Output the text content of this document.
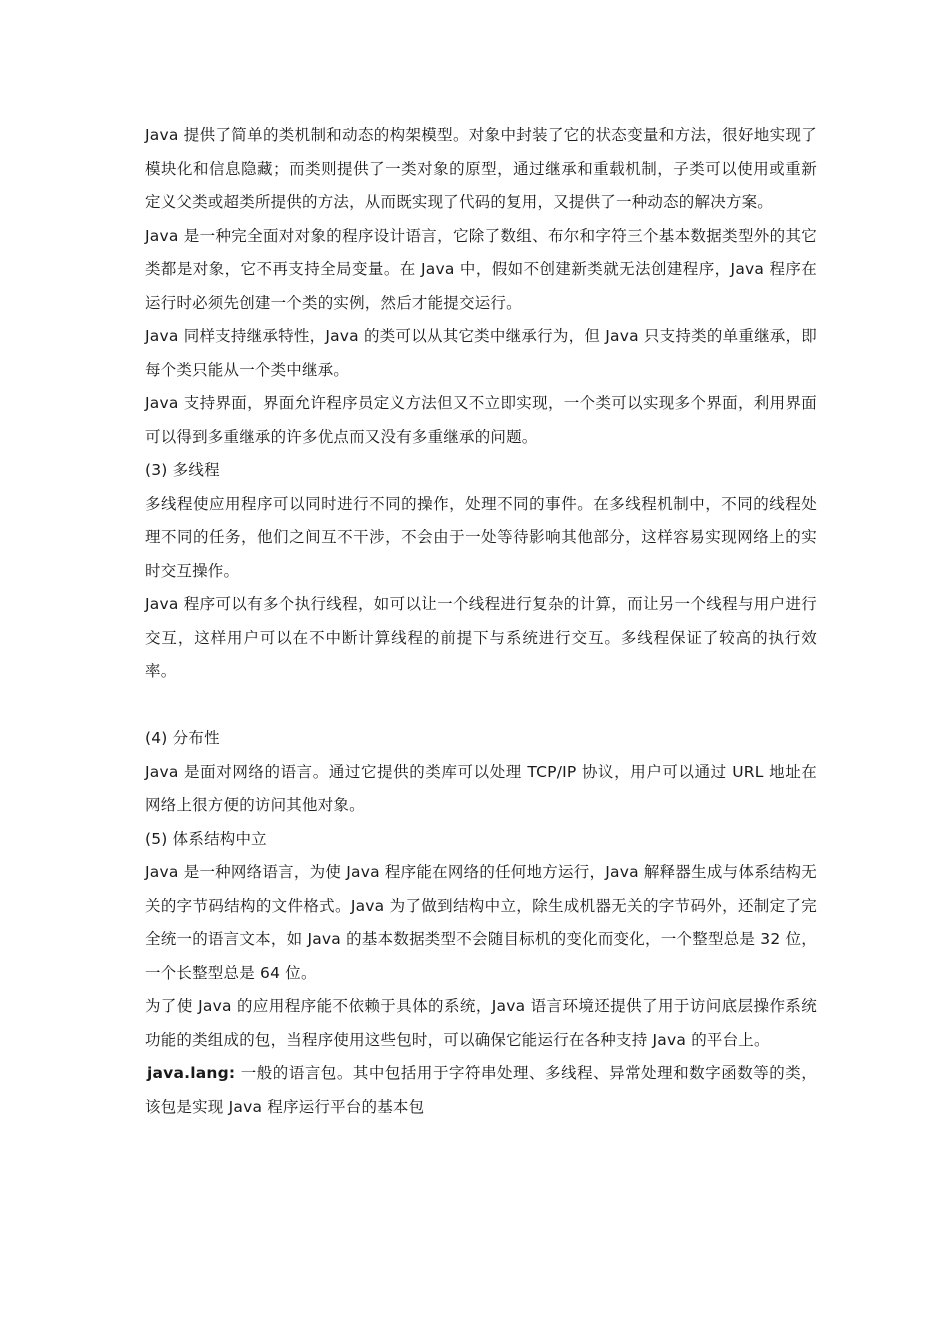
Java 提供了简单的类机制和动态的构架模型。对象中封装了它的状态变量和方法，很好地实现了模块化和信息隐藏；而类则提供了一类对象的原型，通过继承和重载机制，子类可以使用或重新定义父类或超类所提供的方法，从而既实现了代码的复用，又提供了一种动态的解决方案。

Java 是一种完全面对对象的程序设计语言，它除了数组、布尔和字符三个基本数据类型外的其它类都是对象，它不再支持全局变量。在 Java 中，假如不创建新类就无法创建程序，Java 程序在运行时必须先创建一个类的实例，然后才能提交运行。

Java 同样支持继承特性，Java 的类可以从其它类中继承行为，但 Java 只支持类的单重继承，即每个类只能从一个类中继承。

Java 支持界面，界面允许程序员定义方法但又不立即实现，一个类可以实现多个界面，利用界面可以得到多重继承的许多优点而又没有多重继承的问题。

(3) 多线程

多线程使应用程序可以同时进行不同的操作，处理不同的事件。在多线程机制中，不同的线程处理不同的任务，他们之间互不干涉，不会由于一处等待影响其他部分，这样容易实现网络上的实时交互操作。

Java 程序可以有多个执行线程，如可以让一个线程进行复杂的计算，而让另一个线程与用户进行交互，这样用户可以在不中断计算线程的前提下与系统进行交互。多线程保证了较高的执行效率。

(4) 分布性

Java 是面对网络的语言。通过它提供的类库可以处理 TCP/IP 协议，用户可以通过 URL 地址在网络上很方便的访问其他对象。

(5) 体系结构中立

Java 是一种网络语言，为使 Java 程序能在网络的任何地方运行，Java 解释器生成与体系结构无关的字节码结构的文件格式。Java 为了做到结构中立，除生成机器无关的字节码外，还制定了完全统一的语言文本，如 Java 的基本数据类型不会随目标机的变化而变化，一个整型总是 32 位，一个长整型总是 64 位。

为了使 Java 的应用程序能不依赖于具体的系统，Java 语言环境还提供了用于访问底层操作系统功能的类组成的包，当程序使用这些包时，可以确保它能运行在各种支持 Java 的平台上。

java.lang: 一般的语言包。其中包括用于字符串处理、多线程、异常处理和数字函数等的类，该包是实现 Java 程序运行平台的基本包
